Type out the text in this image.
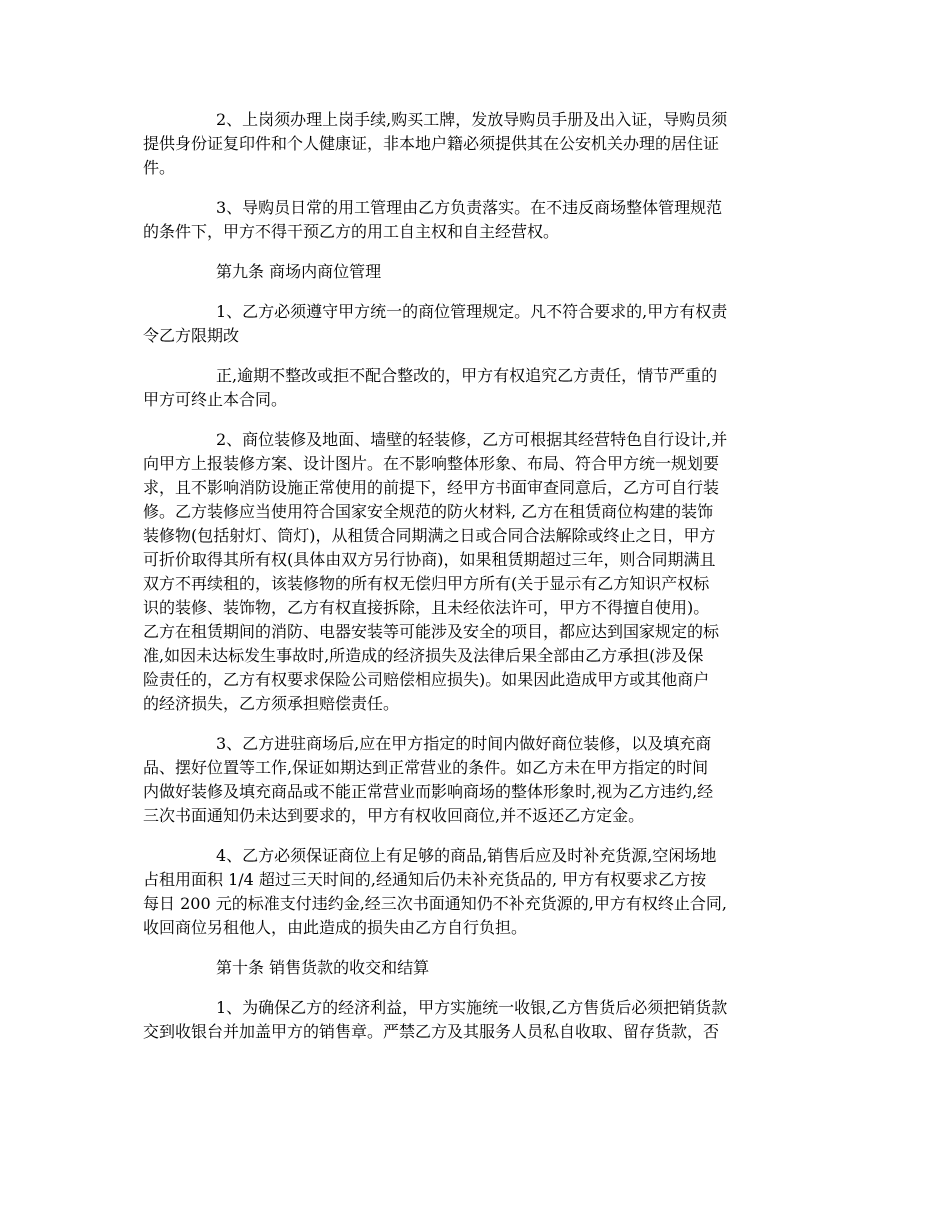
2、上岗须办理上岗手续,购买工牌，发放导购员手册及出入证，导购员须
提供身份证复印件和个人健康证，非本地户籍必须提供其在公安机关办理的居住证
件。
3、导购员日常的用工管理由乙方负责落实。在不违反商场整体管理规范
的条件下，甲方不得干预乙方的用工自主权和自主经营权。
第九条 商场内商位管理
1、乙方必须遵守甲方统一的商位管理规定。凡不符合要求的,甲方有权责
令乙方限期改
正,逾期不整改或拒不配合整改的，甲方有权追究乙方责任，情节严重的
甲方可终止本合同。
2、商位装修及地面、墙壁的轻装修，乙方可根据其经营特色自行设计,并
向甲方上报装修方案、设计图片。在不影响整体形象、布局、符合甲方统一规划要
求，且不影响消防设施正常使用的前提下，经甲方书面审查同意后，乙方可自行装
修。乙方装修应当使用符合国家安全规范的防火材料, 乙方在租赁商位构建的装饰
装修物(包括射灯、筒灯)，从租赁合同期满之日或合同合法解除或终止之日，甲方
可折价取得其所有权(具体由双方另行协商)，如果租赁期超过三年，则合同期满且
双方不再续租的，该装修物的所有权无偿归甲方所有(关于显示有乙方知识产权标
识的装修、装饰物，乙方有权直接拆除，且未经依法许可，甲方不得擅自使用)。
乙方在租赁期间的消防、电器安装等可能涉及安全的项目，都应达到国家规定的标
准,如因未达标发生事故时,所造成的经济损失及法律后果全部由乙方承担(涉及保
险责任的，乙方有权要求保险公司赔偿相应损失)。如果因此造成甲方或其他商户
的经济损失，乙方须承担赔偿责任。
3、乙方进驻商场后,应在甲方指定的时间内做好商位装修，以及填充商
品、摆好位置等工作,保证如期达到正常营业的条件。如乙方未在甲方指定的时间
内做好装修及填充商品或不能正常营业而影响商场的整体形象时,视为乙方违约,经
三次书面通知仍未达到要求的，甲方有权收回商位,并不返还乙方定金。
4、乙方必须保证商位上有足够的商品,销售后应及时补充货源,空闲场地
占租用面积 1/4 超过三天时间的,经通知后仍未补充货品的, 甲方有权要求乙方按
每日 200 元的标准支付违约金,经三次书面通知仍不补充货源的,甲方有权终止合同,
收回商位另租他人，由此造成的损失由乙方自行负担。
第十条 销售货款的收交和结算
1、为确保乙方的经济利益，甲方实施统一收银,乙方售货后必须把销货款
交到收银台并加盖甲方的销售章。严禁乙方及其服务人员私自收取、留存货款，否
